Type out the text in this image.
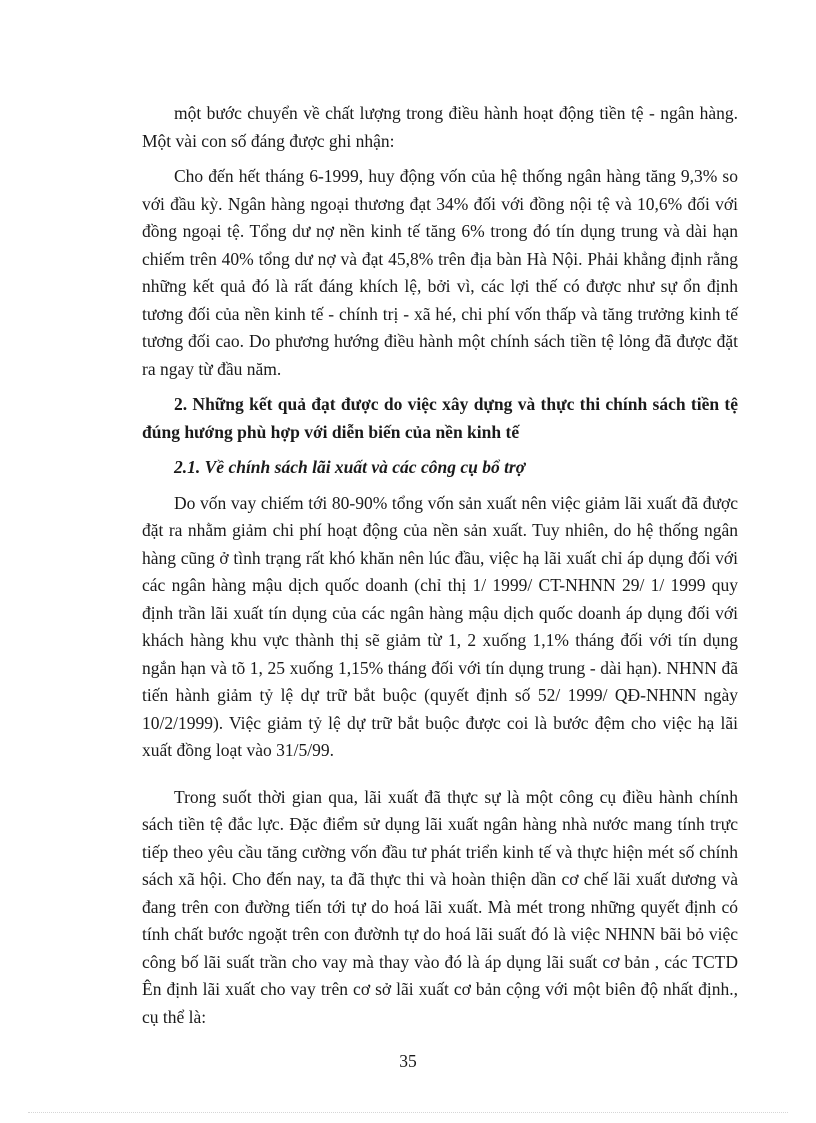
một bước chuyển về chất lượng trong điều hành hoạt động tiền tệ - ngân hàng. Một vài con số đáng được ghi nhận:

Cho đến hết tháng 6-1999, huy động vốn của hệ thống ngân hàng tăng 9,3% so với đầu kỳ. Ngân hàng ngoại thương đạt 34% đối với đồng nội tệ và 10,6% đối với đồng ngoại tệ. Tổng dư nợ nền kinh tế tăng 6% trong đó tín dụng trung và dài hạn chiếm trên 40% tổng dư nợ và đạt 45,8% trên địa bàn Hà Nội. Phải khẳng định rằng những kết quả đó là rất đáng khích lệ, bởi vì, các lợi thế có được như sự ổn định tương đối của nền kinh tế - chính trị - xã hé, chi phí vốn thấp và tăng trưởng kinh tế tương đối cao. Do phương hướng điều hành một chính sách tiền tệ lỏng đã được đặt ra ngay từ đầu năm.

2. Những kết quả đạt được do việc xây dựng và thực thi chính sách tiền tệ đúng hướng phù hợp với diễn biến của nền kinh tế

2.1. Về chính sách lãi xuất và các công cụ bổ trợ

Do vốn vay chiếm tới 80-90% tổng vốn sản xuất nên việc giảm lãi xuất đã được đặt ra nhằm giảm chi phí hoạt động của nền sản xuất. Tuy nhiên, do hệ thống ngân hàng cũng ở tình trạng rất khó khăn nên lúc đầu, việc hạ lãi xuất chỉ áp dụng đối với các ngân hàng mậu dịch quốc doanh (chỉ thị 1/ 1999/ CT-NHNN 29/ 1/ 1999 quy định trần lãi xuất tín dụng của các ngân hàng mậu dịch quốc doanh áp dụng đối với khách hàng khu vực thành thị sẽ giảm từ 1, 2 xuống 1,1% tháng đối với tín dụng ngắn hạn và tõ 1, 25 xuống 1,15% tháng đối với tín dụng trung - dài hạn). NHNN đã tiến hành giảm tỷ lệ dự trữ bắt buộc (quyết định số 52/ 1999/ QĐ-NHNN ngày 10/2/1999). Việc giảm tỷ lệ dự trữ bắt buộc được coi là bước đệm cho việc hạ lãi xuất đồng loạt vào 31/5/99.

Trong suốt thời gian qua, lãi xuất đã thực sự là một công cụ điều hành chính sách tiền tệ đắc lực. Đặc điểm sử dụng lãi xuất ngân hàng nhà nước mang tính trực tiếp theo yêu cầu tăng cường vốn đầu tư phát triển kinh tế và thực hiện mét số chính sách xã hội. Cho đến nay, ta đã thực thi và hoàn thiện dần cơ chế lãi xuất dương và đang trên con đường tiến tới tự do hoá lãi xuất. Mà mét trong những quyết định có tính chất bước ngoặt trên con đườnh tự do hoá lãi suất đó là việc NHNN bãi bỏ việc công bố lãi suất trần cho vay mà thay vào đó là áp dụng lãi suất cơ bản , các TCTD Ên định lãi xuất cho vay trên cơ sở lãi xuất cơ bản cộng với một biên độ nhất định., cụ thể là:

35
